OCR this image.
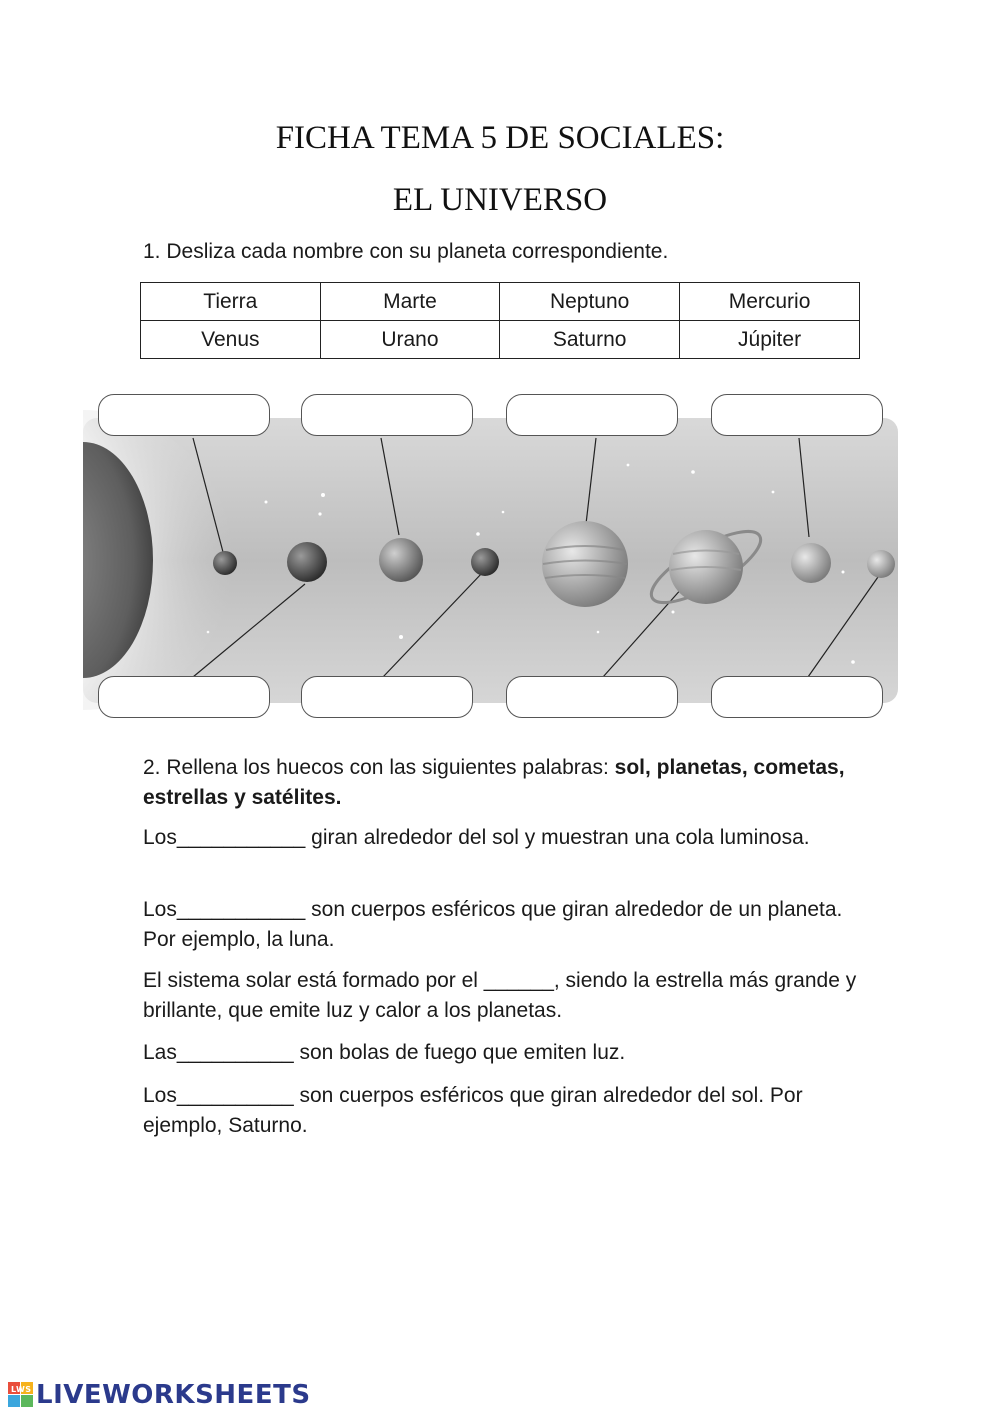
FICHA TEMA 5 DE SOCIALES:
EL UNIVERSO
1. Desliza cada nombre con su planeta correspondiente.
Tierra	Marte	Neptuno	Mercurio
Venus	Urano	Saturno	Júpiter
2. Rellena los huecos con las siguientes palabras: sol, planetas, cometas, estrellas y satélites.
Los___________ giran alrededor del sol y muestran una cola luminosa.
Los___________ son cuerpos esféricos que giran alrededor de un planeta. Por ejemplo, la luna.
El sistema solar está formado por el ______, siendo la estrella más grande y brillante, que emite luz y calor a los planetas.
Las__________ son bolas de fuego que emiten luz.
Los__________ son cuerpos esféricos que giran alrededor del sol. Por ejemplo, Saturno.
LWS LIVEWORKSHEETS
